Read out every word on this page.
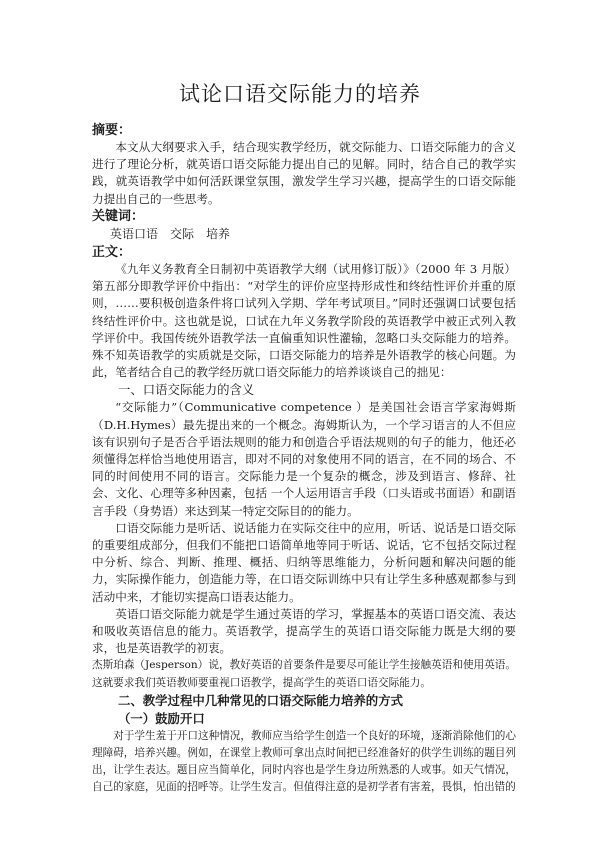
试论口语交际能力的培养
摘要：

本文从大纲要求入手，结合现实教学经历，就交际能力、口语交际能力的含义进行了理论分析，就英语口语交际能力提出自己的见解。同时，结合自己的教学实践，就英语教学中如何活跃课堂氛围，激发学生学习兴趣，提高学生的口语交际能力提出自己的一些思考。

关键词：
英语口语　交际　培养
正文：

《九年义务教育全日制初中英语教学大纲（试用修订版）》（2000 年 3 月版）第五部分即教学评价中指出：“对学生的评价应坚持形成性和终结性评价并重的原则，……要积极创造条件将口试列入学期、学年考试项目。”同时还强调口试要包括终结性评价中。这也就是说，口试在九年义务教学阶段的英语教学中被正式列入教学评价中。我国传统外语教学法一直偏重知识性灌输，忽略口头交际能力的培养。殊不知英语教学的实质就是交际，口语交际能力的培养是外语教学的核心问题。为此，笔者结合自己的教学经历就口语交际能力的培养谈谈自己的拙见：

一、口语交际能力的含义

“交际能力”（Communicative competence ）是美国社会语言学家海姆斯（D.H.Hymes）最先提出来的一个概念。海姆斯认为，一个学习语言的人不但应该有识别句子是否合乎语法规则的能力和创造合乎语法规则的句子的能力，他还必须懂得怎样恰当地使用语言，即对不同的对象使用不同的语言，在不同的场合、不同的时间使用不同的语言。交际能力是一个复杂的概念，涉及到语言、修辞、社会、文化、心理等多种因素，包括 一个人运用语言手段（口头语或书面语）和副语言手段（身势语）来达到某一特定交际目的的能力。

口语交际能力是听话、说话能力在实际交往中的应用，听话、说话是口语交际的重要组成部分，但我们不能把口语简单地等同于听话、说话，它不包括交际过程中分析、综合、判断、推理、概括、归纳等思维能力，分析问题和解决问题的能力，实际操作能力，创造能力等，在口语交际训练中只有让学生多种感观都参与到活动中来，才能切实提高口语表达能力。

英语口语交际能力就是学生通过英语的学习，掌握基本的英语口语交流、表达和吸收英语信息的能力。英语教学，提高学生的英语口语交际能力既是大纲的要求，也是英语教学的初衷。

杰斯珀森（Jesperson）说，教好英语的首要条件是要尽可能让学生接触英语和使用英语。这就要求我们英语教师要重视口语教学，提高学生的英语口语交际能力。

二、教学过程中几种常见的口语交际能力培养的方式
（一）鼓励开口

对于学生羞于开口这种情况，教师应当给学生创造一个良好的环境，逐渐消除他们的心理障碍，培养兴趣。例如，在课堂上教师可拿出点时间把已经准备好的供学生训练的题目列出，让学生表达。题目应当简单化，同时内容也是学生身边所熟悉的人或事。如天气情况，自己的家庭，见面的招呼等。让学生发言。但值得注意的是初学者有害羞，畏惧，怕出错的
